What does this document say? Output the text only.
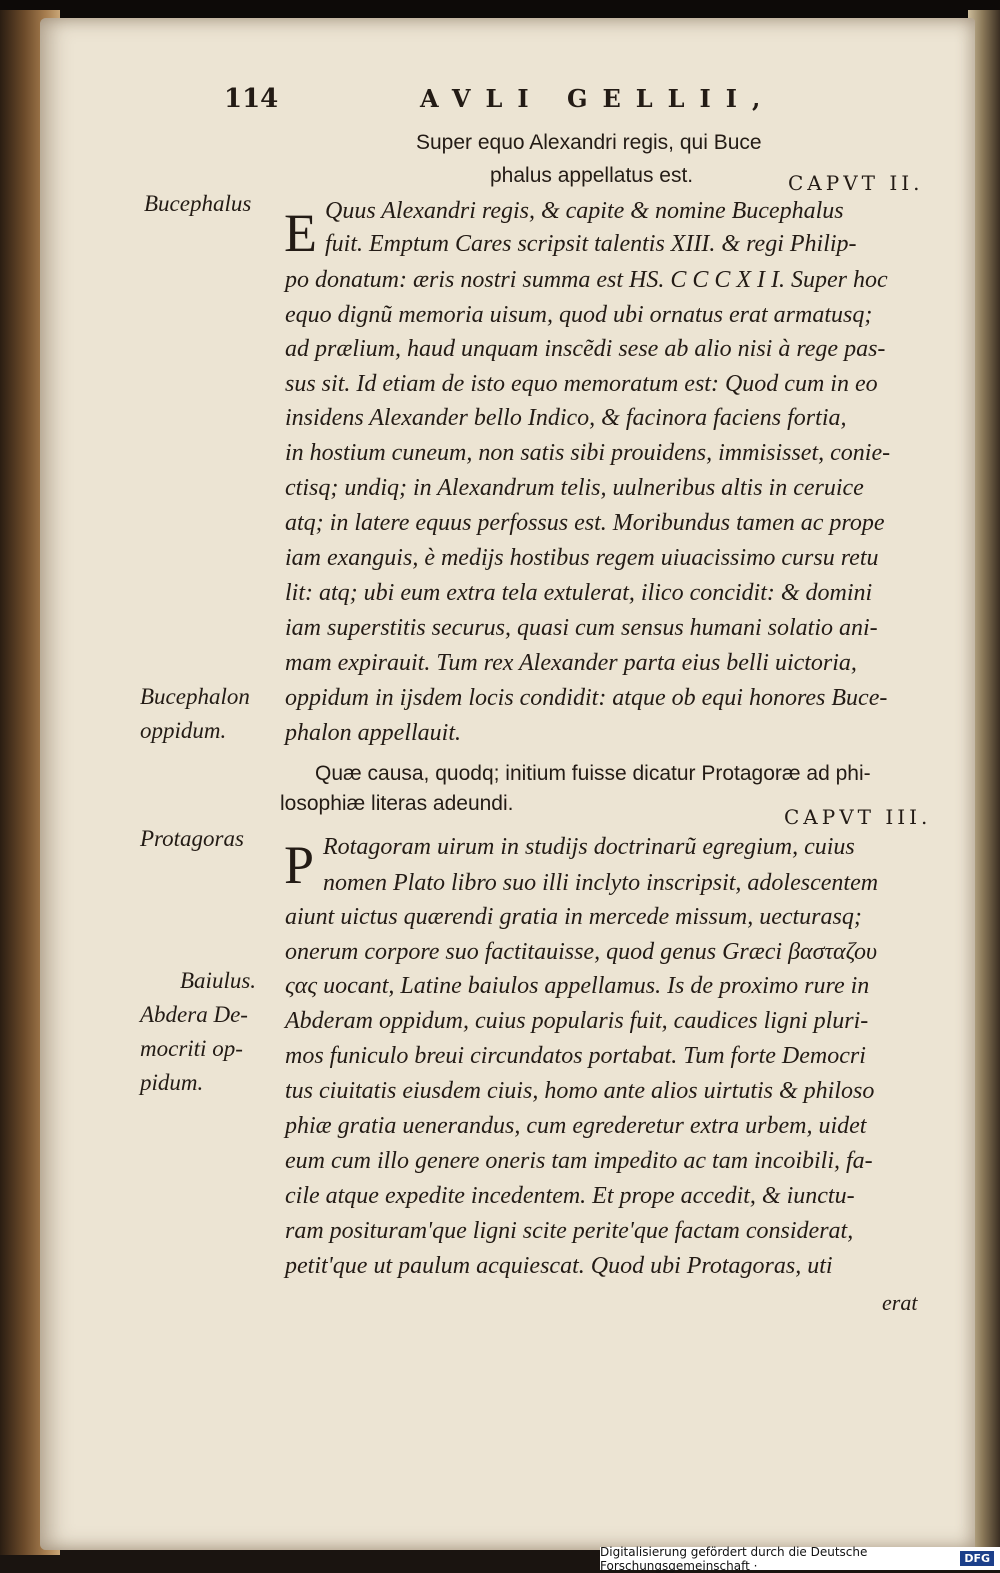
114	AVLI GELLII,
Super equo Alexandri regis, qui Buce
phalus appellatus est.	CAPVT II.
Bucephalus
Bucephalon
oppidum.
E Quus Alexandri regis, & capite & nomine Bucephalus
fuit. Emptum Cares scripsit talentis XIII. & regi Philip-
po donatum: æris nostri summa est HS. C C C X I I. Super hoc
equo dignũ memoria uisum, quod ubi ornatus erat armatusq;
ad prælium, haud unquam inscẽdi sese ab alio nisi à rege pas-
sus sit. Id etiam de isto equo memoratum est: Quod cum in eo
insidens Alexander bello Indico, & facinora faciens fortia,
in hostium cuneum, non satis sibi prouidens, immisisset, conie-
ctisq; undiq; in Alexandrum telis, uulneribus altis in ceruice
atq; in latere equus perfossus est. Moribundus tamen ac prope
iam exanguis, è medijs hostibus regem uiuacissimo cursu retu
lit: atq; ubi eum extra tela extulerat, ilico concidit: & domini
iam superstitis securus, quasi cum sensus humani solatio ani-
mam expirauit. Tum rex Alexander parta eius belli uictoria,
oppidum in ijsdem locis condidit: atque ob equi honores Buce-
phalon appellauit.
Quæ causa, quodq; initium fuisse dicatur Protagoræ ad phi-
losophiæ literas adeundi.
CAPVT III.
Protagoras
Baiulus.
Abdera De-
mocriti op-
pidum.
P Rotagoram uirum in studijs doctrinarũ egregium, cuius
nomen Plato libro suo illi inclyto inscripsit, adolescentem
aiunt uictus quærendi gratia in mercede missum, uecturasq;
onerum corpore suo factitauisse, quod genus Græci βασταζου
ςας uocant, Latine baiulos appellamus. Is de proximo rure in
Abderam oppidum, cuius popularis fuit, caudices ligni pluri-
mos funiculo breui circundatos portabat. Tum forte Democri
tus ciuitatis eiusdem ciuis, homo ante alios uirtutis & philoso
phiæ gratia uenerandus, cum egrederetur extra urbem, uidet
eum cum illo genere oneris tam impedito ac tam incoibili, fa-
cile atque expedite incedentem. Et prope accedit, & iunctu-
ram posituram'que ligni scite perite'que factam considerat,
petit'que ut paulum acquiescat. Quod ubi Protagoras, uti
erat
Digitalisierung gefördert durch die Deutsche Forschungsgemeinschaft ·	DFG
